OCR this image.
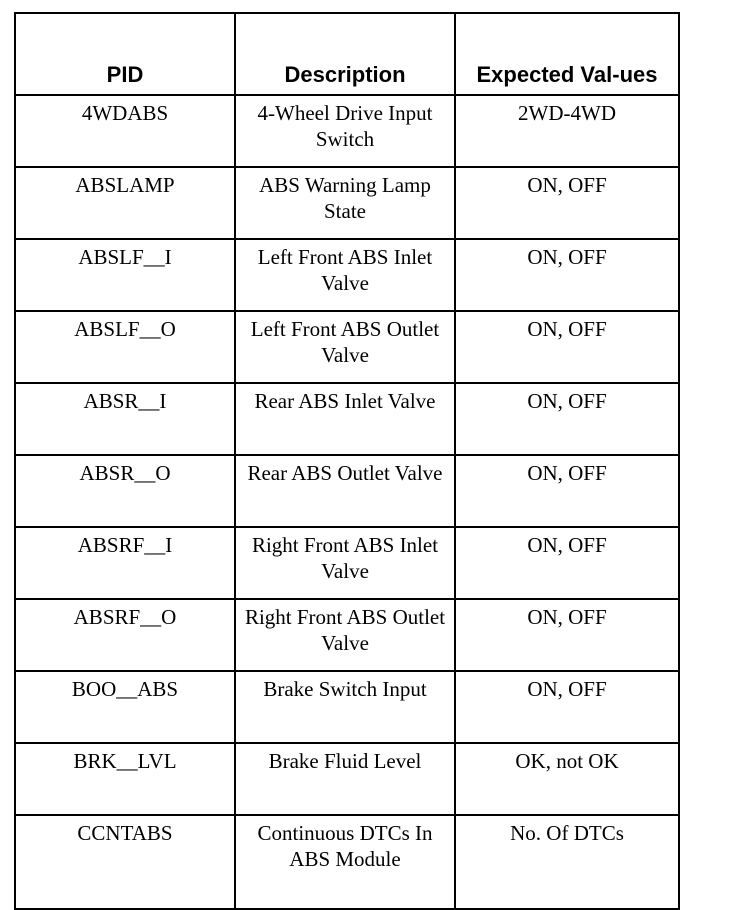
PID	Description	Expected Val-ues
4WDABS	4-Wheel Drive Input Switch	2WD-4WD
ABSLAMP	ABS Warning Lamp State	ON, OFF
ABSLF__I	Left Front ABS Inlet Valve	ON, OFF
ABSLF__O	Left Front ABS Outlet Valve	ON, OFF
ABSR__I	Rear ABS Inlet Valve	ON, OFF
ABSR__O	Rear ABS Outlet Valve	ON, OFF
ABSRF__I	Right Front ABS Inlet Valve	ON, OFF
ABSRF__O	Right Front ABS Outlet Valve	ON, OFF
BOO__ABS	Brake Switch Input	ON, OFF
BRK__LVL	Brake Fluid Level	OK, not OK
CCNTABS	Continuous DTCs In ABS Module	No. Of DTCs
